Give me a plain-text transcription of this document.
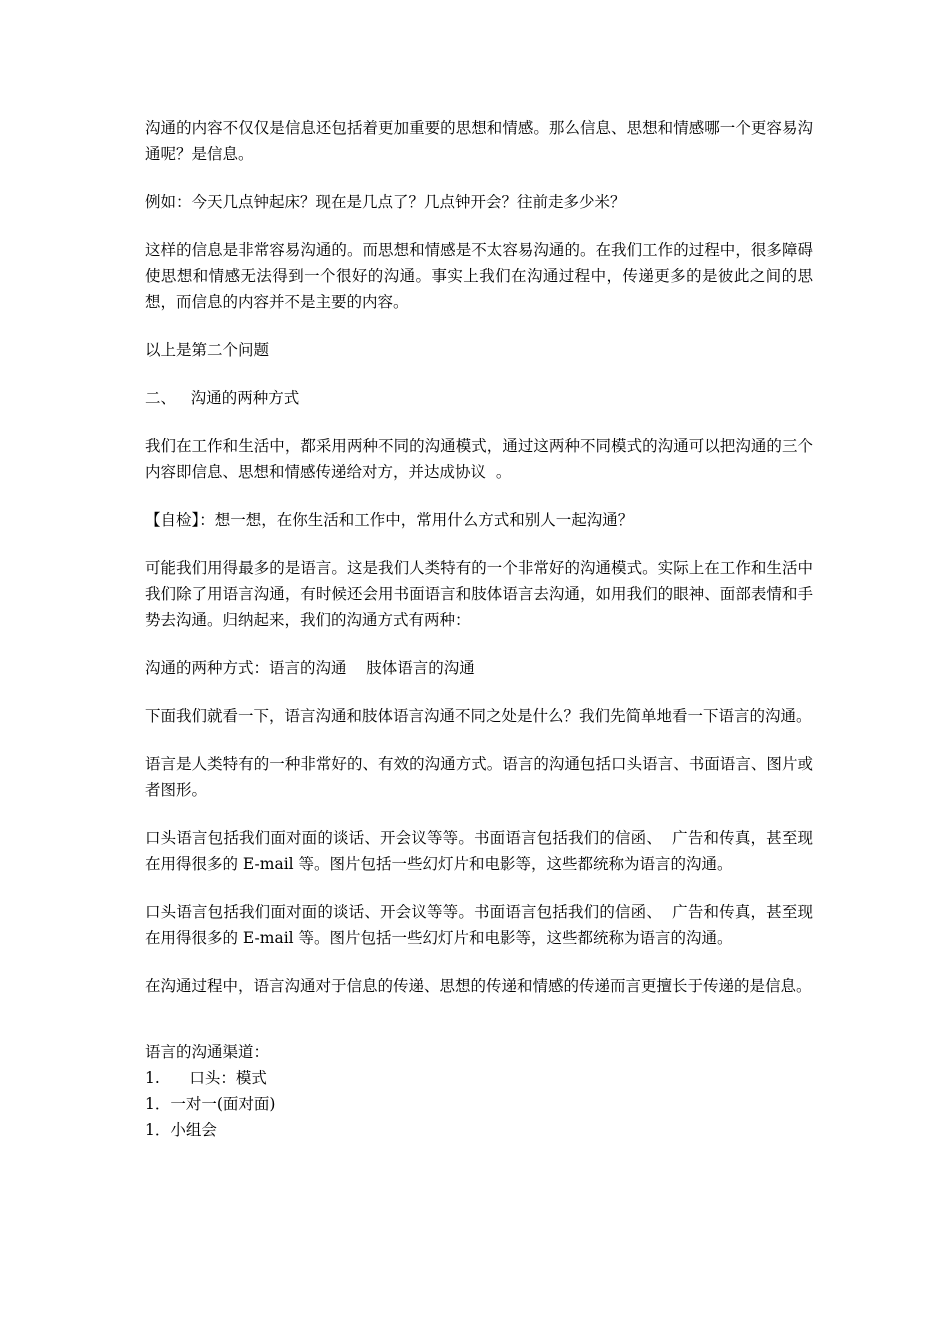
沟通的内容不仅仅是信息还包括着更加重要的思想和情感。那么信息、思想和情感哪一个更容易沟通呢？是信息。

例如：今天几点钟起床？现在是几点了？几点钟开会？往前走多少米？

这样的信息是非常容易沟通的。而思想和情感是不太容易沟通的。在我们工作的过程中，很多障碍使思想和情感无法得到一个很好的沟通。事实上我们在沟通过程中，传递更多的是彼此之间的思想，而信息的内容并不是主要的内容。

以上是第二个问题

二、   沟通的两种方式

我们在工作和生活中，都采用两种不同的沟通模式，通过这两种不同模式的沟通可以把沟通的三个内容即信息、思想和情感传递给对方，并达成协议  。

【自检】：想一想，在你生活和工作中，常用什么方式和别人一起沟通？

可能我们用得最多的是语言。这是我们人类特有的一个非常好的沟通模式。实际上在工作和生活中我们除了用语言沟通，有时候还会用书面语言和肢体语言去沟通，如用我们的眼神、面部表情和手势去沟通。归纳起来，我们的沟通方式有两种：

沟通的两种方式：语言的沟通    肢体语言的沟通

下面我们就看一下，语言沟通和肢体语言沟通不同之处是什么？我们先简单地看一下语言的沟通。

语言是人类特有的一种非常好的、有效的沟通方式。语言的沟通包括口头语言、书面语言、图片或者图形。

口头语言包括我们面对面的谈话、开会议等等。书面语言包括我们的信函、  广告和传真，甚至现在用得很多的 E-mail 等。图片包括一些幻灯片和电影等，这些都统称为语言的沟通。

口头语言包括我们面对面的谈话、开会议等等。书面语言包括我们的信函、  广告和传真，甚至现在用得很多的 E-mail 等。图片包括一些幻灯片和电影等，这些都统称为语言的沟通。

在沟通过程中，语言沟通对于信息的传递、思想的传递和情感的传递而言更擅长于传递的是信息。

语言的沟通渠道：
1.      口头：模式
1．一对一(面对面)
1．小组会
